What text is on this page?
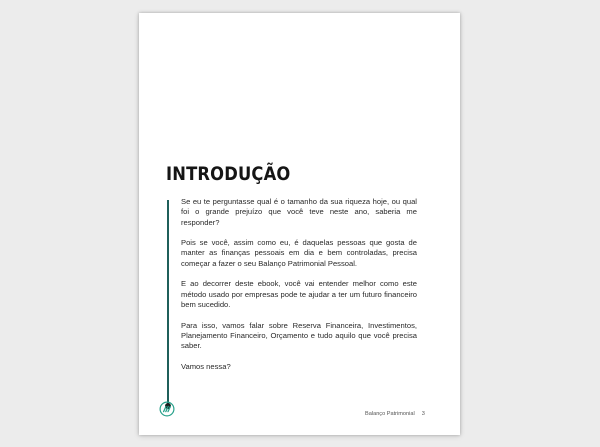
INTRODUÇÃO

Se eu te perguntasse qual é o tamanho da sua riqueza hoje, ou qual foi o grande prejuízo que você teve neste ano, saberia me responder?

Pois se você, assim como eu, é daquelas pessoas que gosta de manter as finanças pessoais em dia e bem controladas, precisa começar a fazer o seu Balanço Patrimonial Pessoal.

E ao decorrer deste ebook, você vai entender melhor como este método usado por empresas pode te ajudar a ter um futuro financeiro bem sucedido.

Para isso, vamos falar sobre Reserva Financeira, Investimentos, Planejamento Financeiro, Orçamento e tudo aquilo que você precisa saber.

Vamos nessa?

Balanço Patrimonial 3
